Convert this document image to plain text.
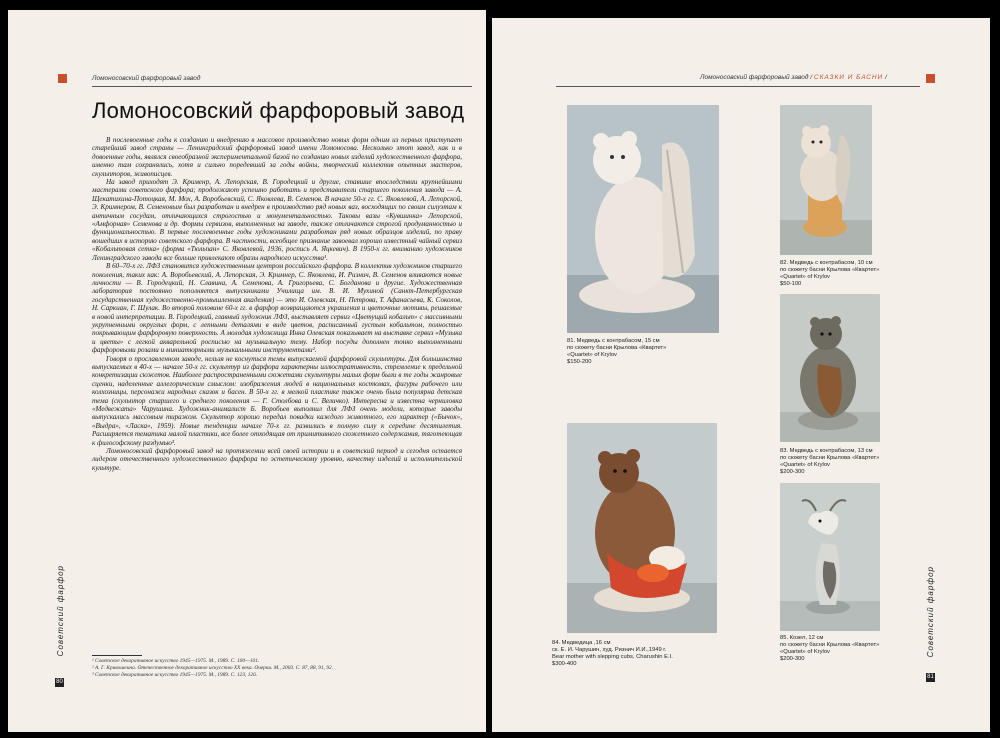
Ломоносовский фарфоровый завод
Ломоносовский фарфоровый завод

В послевоенные годы к созданию и внедрению в массовое производство новых форм одним из первых приступает старейший завод страны — Ленинградский фарфоровый завод имени Ломоносова. Несколько этот завод, как и в довоенные годы, являлся своеобразной экспериментальной базой по созданию новых изделий художественного фарфора, именно там сохранялись, хотя и сильно поредевший за годы войны, творческий коллектив опытных мастеров, скульпторов, живописцев.

На завод приходят Э. Крименр, А. Лепорская, В. Городецкий и другие, ставшие впоследствии крупнейшими мастерами советского фарфора; продолжают успешно работать и представители старшего поколения завода — А. Щекатихина-Потоцкая, М. Мох, А. Воробьевский, С. Яковлева, В. Семенов. В начале 50-х гг. С. Яковлевой, А. Лепорской, Э. Кримнером, В. Семеновым был разработан и внедрен в производство ряд новых ваз, восходящих по своим силуэтам к античным сосудам, отличающихся строгостью и монументальностью. Таковы вазы «Кувшинка» Лепорской, «Амфорная» Семенова и др. Формы сервизов, выполненных на заводе, также отличаются строгой продуманностью и функциональностью. В первые послевоенные годы художниками разработан ряд новых образцов изделий, по праву вошедших в историю советского фарфора. В частности, всеобщее признание завоевал хорошо известный чайный сервиз «Кобальтовая сетка» (форма «Тюльпан» С. Яковлевой, 1936, роспись А. Яцкевич). В 1950-х гг. вниманию художников Ленинградского завода все больше привлекают образы народного искусства¹.

В 60–70-х гг. ЛФЗ становится художественным центром российского фарфора. В коллектив художников старшего поколения, таких как: А. Воробьевский, А. Лепорская, Э. Кримнер, С. Яковлева, И. Ризнич, В. Семенов вливаются новые личности — В. Городецкий, Н. Славина, А. Семенова, А. Григорьева, С. Богданова и другие. Художественная лаборатория постоянно пополняется выпускниками Училища им. В. И. Мухиной (Санкт-Петербургская государственная художественно-промышленная академия) — это И. Олевская, Н. Петрова, Т. Афанасьева, К. Соколов, Н. Саркиан, Г. Шулак. Во второй половине 60-х гг. в фарфор возвращаются украшения и цветочные мотивы, решаемые в новой интерпретации. В. Городецкий, главный художник ЛФЗ, выставляет сервиз «Цветущий кобальт» с массивными укрупненными округлых форм, с лепными деталями в виде цветов, расписанный густым кобальтом, полностью покрывающим фарфоровую поверхность. А молодая художница Инна Олевская показывает на выставке сервиз «Музыка и цветы» с легкой акварельной росписью на музыкальную тему. Набор посуды дополнен тонко выполненными фарфоровыми розами и миниатюрными музыкальными инструментами².

Говоря о прославленном заводе, нельзя не коснуться темы выпускаемой фарфоровой скульптуры. Для большинства выпускаемых в 40-х — начале 50-х гг. скульптур из фарфора характерны иллюстративность, стремление к предельной конкретизации сюжетов. Наиболее распространенными сюжетами скульптуры малых форм были в те годы жанровые сценки, наделенные аллегорическим смыслом: изображения людей в национальных костюмах, фигуры рабочего или колхозницы, персонажи народных сказок и басен. В 50-х гг. в мелкой пластике также очень была популярна детская тема (скульптор старшего и среднего поколения — Г. Столбова и С. Величко). Интересна и известна черниловка «Медвежата» Чарушина. Художник-анималист Б. Воробьев выполнил для ЛФЗ очень модели, которые заводы выпускались массовым тиражом. Скульптор хорошо передал повадки каждого животного, его характер («Бычок», «Выдра», «Ласка», 1959). Новые тенденции начале 70-х гг. развились в полную силу к середине десятилетия. Расширяется тематика малой пластики, все более отходящая от примитивного сюжетного содержания, тяготеющая к философскому раздумью³.

Ломоносовский фарфоровый завод на протяжении всей своей истории и в советский период и сегодня остается лидером отечественного художественного фарфора по эстетическому уровню, качеству изделий и исполнительской культуре.

¹ Советское декоративное искусство 1945—1975. М., 1989. С. 100—101.
² А. Г. Кривошеина. Отечественное декоративное искусство XX века. Очерки. М., 2003. С. 87, 88, 91, 92.
³ Советское декоративное искусство 1945—1975. М., 1989. С. 123, 126.
Советский фарфор
80
Ломоносовский фарфоровый завод / СКАЗКИ И БАСНИ /
81. Медведь с контрабасом, 15 см
по сюжету басни Крылова «Квартет»
«Quartet» of Krylov
$150-200
82. Медведь с контрабасом, 10 см
по сюжету басни Крылова «Квартет»
«Quartet» of Krylov
$50-100
83. Медведь с контрабасом, 13 см
по сюжету басни Крылова «Квартет»
«Quartet» of Krylov
$200-300
84. Медведица ,16 см
ск. Е. И. Чарушин, худ. Ризнич И.И.,1949 г.
Bear mother with slepping cubs, Charushin E.I.
$300-400
85. Козел, 12 см
по сюжету басни Крылова «Квартет»
«Quartet» of Krylov
$200-300
Советский фарфор
81
